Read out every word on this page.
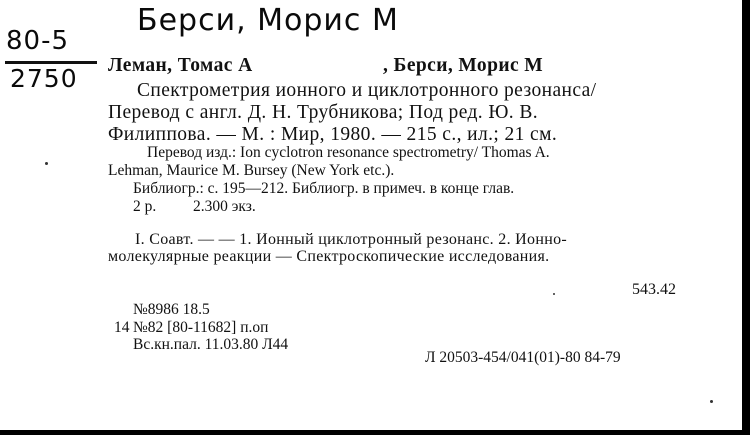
Берси, Морис М
80-5
2750 Леман, Томас А	, Берси, Морис М
Спектрометрия ионного и циклотронного резонанса/
Перевод с англ. Д. Н. Трубникова; Под ред. Ю. В.
Филиппова. — М. : Мир, 1980. — 215 с., ил.; 21 см.
Перевод изд.: Ion cyclotron resonance spectrometry/ Thomas A.
Lehman, Maurice M. Bursey (New York etc.).
Библиогр.: с. 195—212. Библиогр. в примеч. в конце глав.
2 р. 2.300 экз.
I. Соавт. — — 1. Ионный циклотронный резонанс. 2. Ионно-
молекулярные реакции — Спектроскопические исследования.
543.42
№8986 18.5
14 №82 [80-11682] п.оп
Вс.кн.пал. 11.03.80 Л44
Л 20503-454/041(01)-80 84-79
